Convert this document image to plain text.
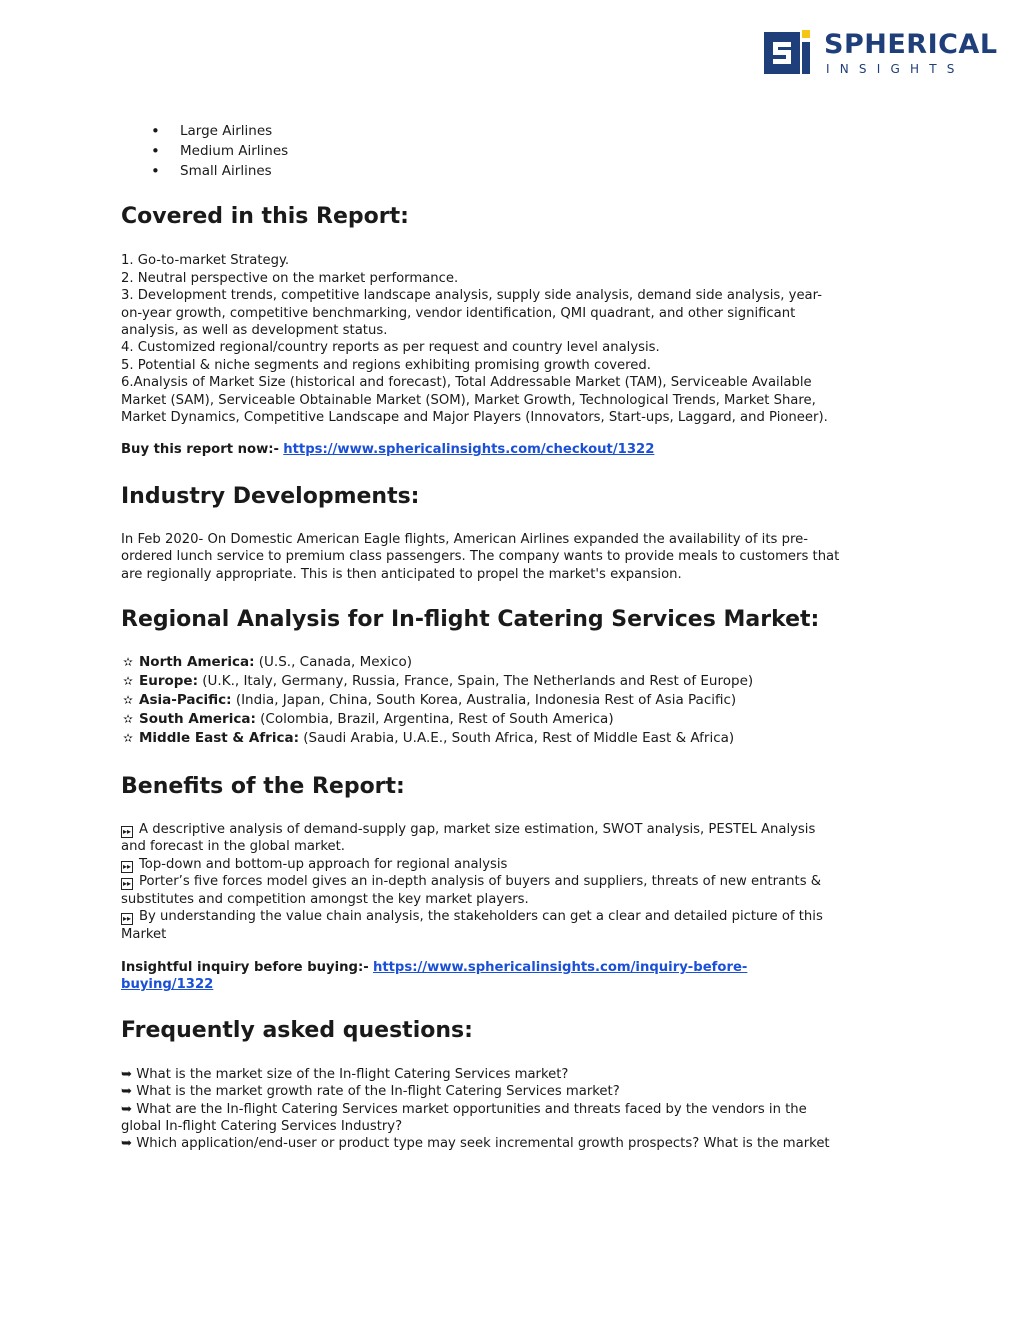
SPHERICAL
INSIGHTS
• Large Airlines
• Medium Airlines
• Small Airlines
Covered in this Report:
1. Go-to-market Strategy.
2. Neutral perspective on the market performance.
3. Development trends, competitive landscape analysis, supply side analysis, demand side analysis, year-
on-year growth, competitive benchmarking, vendor identification, QMI quadrant, and other significant
analysis, as well as development status.
4. Customized regional/country reports as per request and country level analysis.
5. Potential & niche segments and regions exhibiting promising growth covered.
6.Analysis of Market Size (historical and forecast), Total Addressable Market (TAM), Serviceable Available
Market (SAM), Serviceable Obtainable Market (SOM), Market Growth, Technological Trends, Market Share,
Market Dynamics, Competitive Landscape and Major Players (Innovators, Start-ups, Laggard, and Pioneer).
Buy this report now:- https://www.sphericalinsights.com/checkout/1322
Industry Developments:
In Feb 2020- On Domestic American Eagle flights, American Airlines expanded the availability of its pre-
ordered lunch service to premium class passengers. The company wants to provide meals to customers that
are regionally appropriate. This is then anticipated to propel the market's expansion.
Regional Analysis for In-flight Catering Services Market:
✫ North America: (U.S., Canada, Mexico)
✫ Europe: (U.K., Italy, Germany, Russia, France, Spain, The Netherlands and Rest of Europe)
✫ Asia-Pacific: (India, Japan, China, South Korea, Australia, Indonesia Rest of Asia Pacific)
✫ South America: (Colombia, Brazil, Argentina, Rest of South America)
✫ Middle East & Africa: (Saudi Arabia, U.A.E., South Africa, Rest of Middle East & Africa)
Benefits of the Report:
▸▸ A descriptive analysis of demand-supply gap, market size estimation, SWOT analysis, PESTEL Analysis
and forecast in the global market.
▸▸ Top-down and bottom-up approach for regional analysis
▸▸ Porter’s five forces model gives an in-depth analysis of buyers and suppliers, threats of new entrants &
substitutes and competition amongst the key market players.
▸▸ By understanding the value chain analysis, the stakeholders can get a clear and detailed picture of this
Market
Insightful inquiry before buying:- https://www.sphericalinsights.com/inquiry-before-
buying/1322
Frequently asked questions:
➥ What is the market size of the In-flight Catering Services market?
➥ What is the market growth rate of the In-flight Catering Services market?
➥ What are the In-flight Catering Services market opportunities and threats faced by the vendors in the
global In-flight Catering Services Industry?
➥ Which application/end-user or product type may seek incremental growth prospects? What is the market
